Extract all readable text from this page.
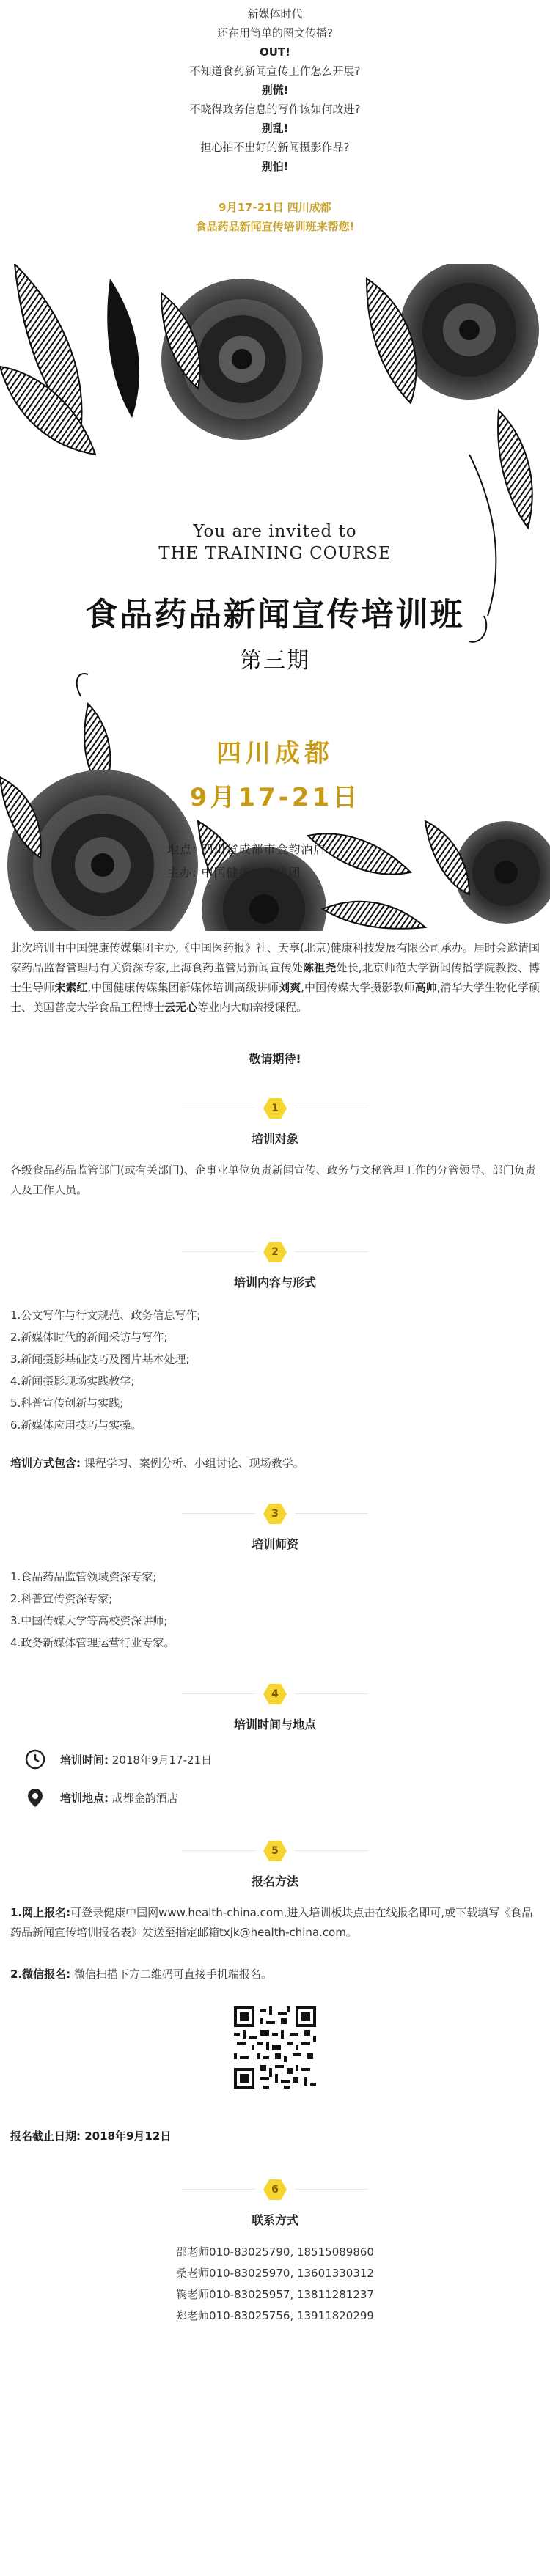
新媒体时代
还在用简单的图文传播?
OUT!
不知道食药新闻宣传工作怎么开展?
别慌!
不晓得政务信息的写作该如何改进?
别乱!
担心拍不出好的新闻摄影作品?
别怕!
9月17-21日 四川成都
食品药品新闻宣传培训班来帮您!
You are invited to
THE TRAINING COURSE
食品药品新闻宣传培训班
第三期
四川成都
9月17-21日
地点: 四川省成都市金韵酒店
主办: 中国健康传媒集团
此次培训由中国健康传媒集团主办,《中国医药报》社、天享(北京)健康科技发展有限公司承办。届时会邀请国家药品监督管理局有关资深专家,上海食药监管局新闻宣传处陈祖尧处长,北京师范大学新闻传播学院教授、博士生导师宋素红,中国健康传媒集团新媒体培训高级讲师刘爽,中国传媒大学摄影教师高帅,清华大学生物化学硕士、美国普度大学食品工程博士云无心等业内大咖亲授课程。
敬请期待!
1
培训对象
各级食品药品监管部门(或有关部门)、企事业单位负责新闻宣传、政务与文秘管理工作的分管领导、部门负责人及工作人员。
2
培训内容与形式
1.公文写作与行文规范、政务信息写作;
2.新媒体时代的新闻采访与写作;
3.新闻摄影基础技巧及图片基本处理;
4.新闻摄影现场实践教学;
5.科普宣传创新与实践;
6.新媒体应用技巧与实操。
培训方式包含: 课程学习、案例分析、小组讨论、现场教学。
3
培训师资
1.食品药品监管领域资深专家;
2.科普宣传资深专家;
3.中国传媒大学等高校资深讲师;
4.政务新媒体管理运营行业专家。
4
培训时间与地点
培训时间: 2018年9月17-21日
培训地点: 成都金韵酒店
5
报名方法
1.网上报名:可登录健康中国网www.health-china.com,进入培训板块点击在线报名即可,或下载填写《食品药品新闻宣传培训报名表》发送至指定邮箱txjk@health-china.com。
2.微信报名: 微信扫描下方二维码可直接手机端报名。
报名截止日期: 2018年9月12日
6
联系方式
邵老师010-83025790, 18515089860
桑老师010-83025970, 13601330312
鞠老师010-83025957, 13811281237
郑老师010-83025756, 13911820299
